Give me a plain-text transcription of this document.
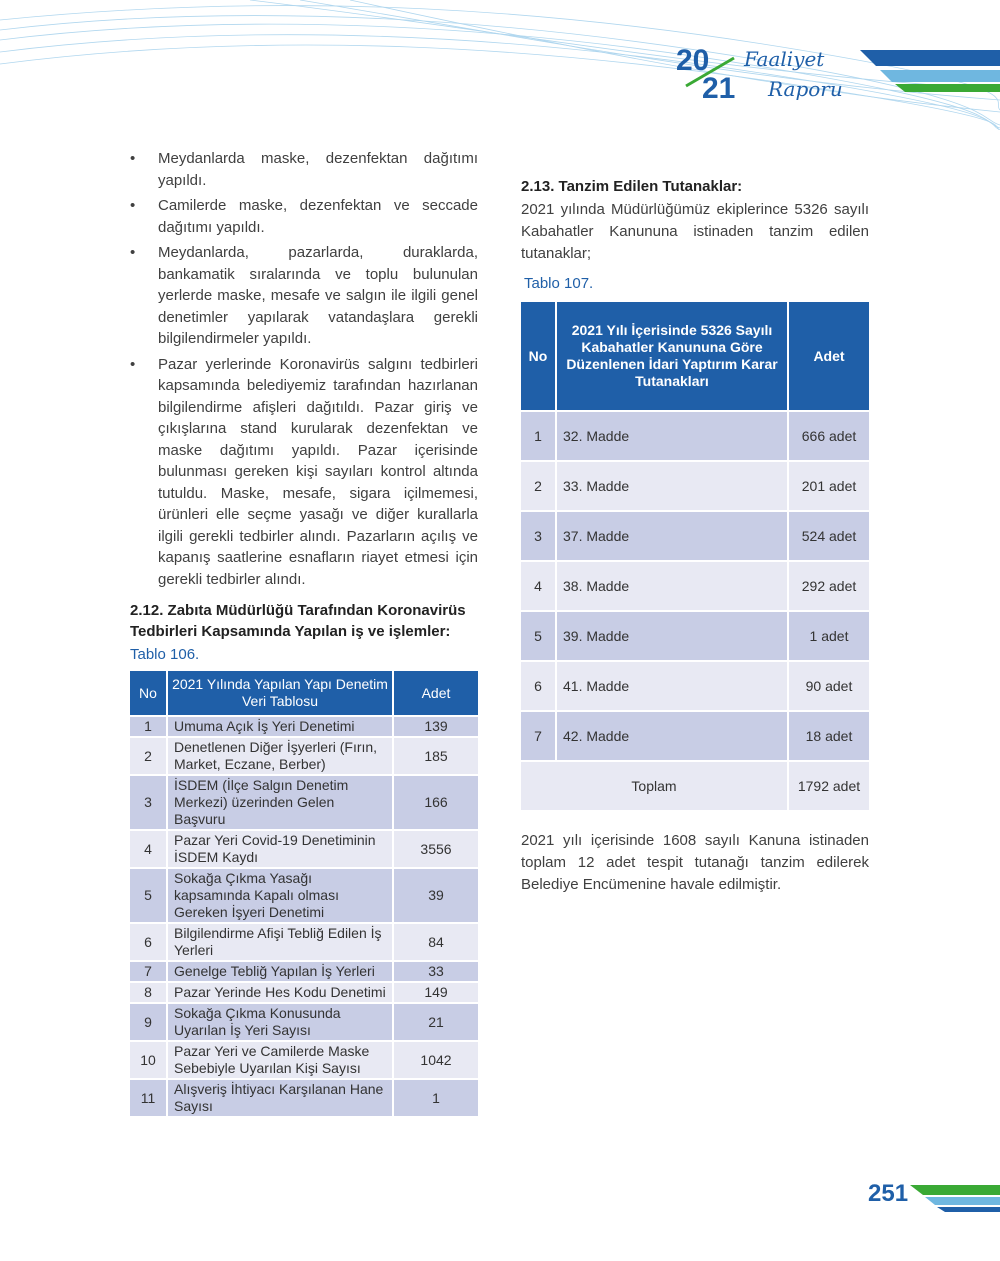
20
21
Faaliyet
Raporu
• Meydanlarda maske, dezenfektan dağıtımı yapıldı.
• Camilerde maske, dezenfektan ve seccade dağıtımı yapıldı.
• Meydanlarda, pazarlarda, duraklarda, bankamatik sıralarında ve toplu bulunulan yerlerde maske, mesafe ve salgın ile ilgili genel denetimler yapılarak vatandaşlara gerekli bilgilendirmeler yapıldı.
• Pazar yerlerinde Koronavirüs salgını tedbirleri kapsamında belediyemiz tarafından hazırlanan bilgilendirme afişleri dağıtıldı. Pazar giriş ve çıkışlarına stand kurularak dezenfektan ve maske dağıtımı yapıldı. Pazar içerisinde bulunması gereken kişi sayıları kontrol altında tutuldu. Maske, mesafe, sigara içilmemesi, ürünleri elle seçme yasağı ve diğer kurallarla ilgili gerekli tedbirler alındı. Pazarların açılış ve kapanış saatlerine esnafların riayet etmesi için gerekli tedbirler alındı.
2.12. Zabıta Müdürlüğü Tarafından Koronavirüs Tedbirleri Kapsamında Yapılan iş ve işlemler:
Tablo 106.
No	2021 Yılında Yapılan Yapı Denetim Veri Tablosu	Adet
1	Umuma Açık İş Yeri Denetimi	139
2	Denetlenen Diğer İşyerleri (Fırın, Market, Eczane, Berber)	185
3	İSDEM (İlçe Salgın Denetim Merkezi) üzerinden Gelen Başvuru	166
4	Pazar Yeri Covid-19 Denetiminin İSDEM Kaydı	3556
5	Sokağa Çıkma Yasağı kapsamında Kapalı olması Gereken İşyeri Denetimi	39
6	Bilgilendirme Afişi Tebliğ Edilen İş Yerleri	84
7	Genelge Tebliğ Yapılan İş Yerleri	33
8	Pazar Yerinde Hes Kodu Denetimi	149
9	Sokağa Çıkma Konusunda Uyarılan İş Yeri Sayısı	21
10	Pazar Yeri ve Camilerde Maske Sebebiyle Uyarılan Kişi Sayısı	1042
11	Alışveriş İhtiyacı Karşılanan Hane Sayısı	1
2.13. Tanzim Edilen Tutanaklar:

2021 yılında Müdürlüğümüz ekiplerince 5326 sayılı Kabahatler Kanununa istinaden tanzim edilen tutanaklar;

Tablo 107.
No	2021 Yılı İçerisinde 5326 Sayılı Kabahatler Kanununa Göre Düzenlenen İdari Yaptırım Karar Tutanakları	Adet
1	32. Madde	666 adet
2	33. Madde	201 adet
3	37. Madde	524 adet
4	38. Madde	292 adet
5	39. Madde	1 adet
6	41. Madde	90 adet
7	42. Madde	18 adet
Toplam		1792 adet

2021 yılı içerisinde 1608 sayılı Kanuna istinaden toplam 12 adet tespit tutanağı tanzim edilerek Belediye Encümenine havale edilmiştir.

251
